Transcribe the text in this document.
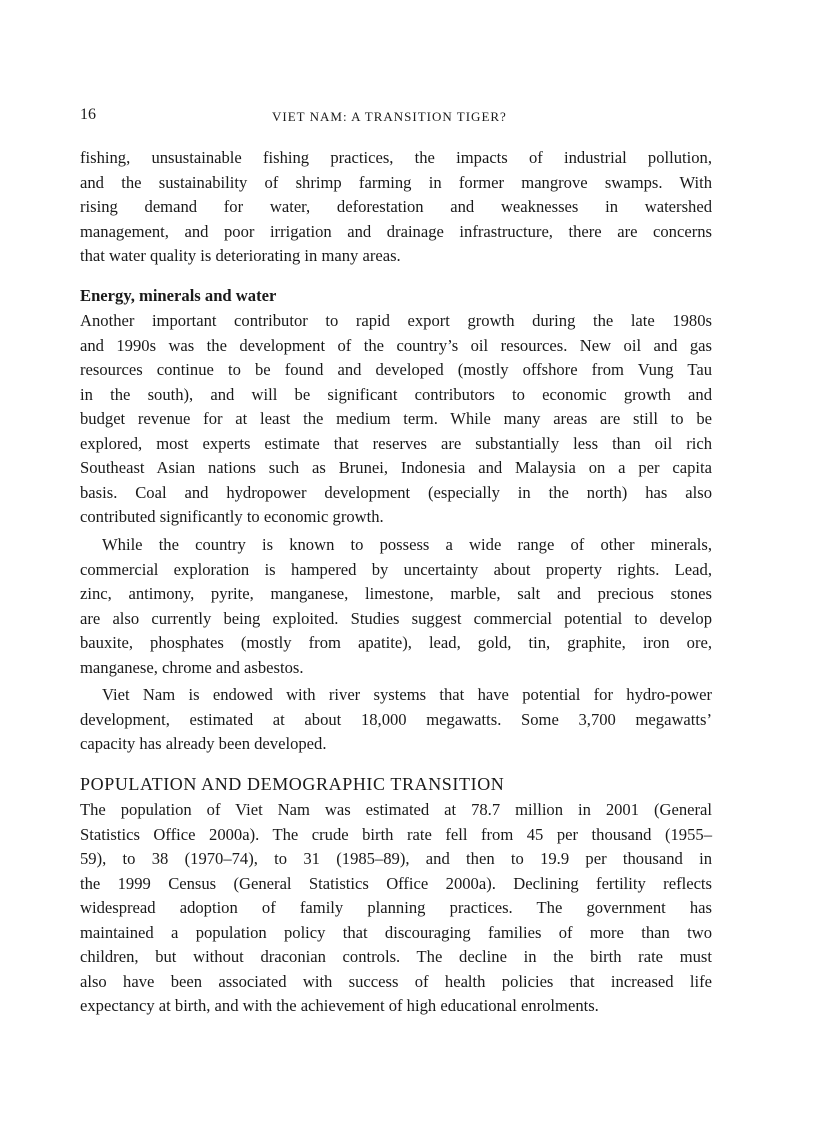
16	VIET NAM: A TRANSITION TIGER?
fishing, unsustainable fishing practices, the impacts of industrial pollution,
and the sustainability of shrimp farming in former mangrove swamps. With
rising demand for water, deforestation and weaknesses in watershed
management, and poor irrigation and drainage infrastructure, there are concerns
that water quality is deteriorating in many areas.
Energy, minerals and water
Another important contributor to rapid export growth during the late 1980s
and 1990s was the development of the country’s oil resources. New oil and gas
resources continue to be found and developed (mostly offshore from Vung Tau
in the south), and will be significant contributors to economic growth and
budget revenue for at least the medium term. While many areas are still to be
explored, most experts estimate that reserves are substantially less than oil rich
Southeast Asian nations such as Brunei, Indonesia and Malaysia on a per capita
basis. Coal and hydropower development (especially in the north) has also
contributed significantly to economic growth.
While the country is known to possess a wide range of other minerals,
commercial exploration is hampered by uncertainty about property rights. Lead,
zinc, antimony, pyrite, manganese, limestone, marble, salt and precious stones
are also currently being exploited. Studies suggest commercial potential to develop
bauxite, phosphates (mostly from apatite), lead, gold, tin, graphite, iron ore,
manganese, chrome and asbestos.
Viet Nam is endowed with river systems that have potential for hydro-power
development, estimated at about 18,000 megawatts. Some 3,700 megawatts’
capacity has already been developed.
POPULATION AND DEMOGRAPHIC TRANSITION
The population of Viet Nam was estimated at 78.7 million in 2001 (General
Statistics Office 2000a). The crude birth rate fell from 45 per thousand (1955–
59), to 38 (1970–74), to 31 (1985–89), and then to 19.9 per thousand in
the 1999 Census (General Statistics Office 2000a). Declining fertility reflects
widespread adoption of family planning practices. The government has
maintained a population policy that discouraging families of more than two
children, but without draconian controls. The decline in the birth rate must
also have been associated with success of health policies that increased life
expectancy at birth, and with the achievement of high educational enrolments.
